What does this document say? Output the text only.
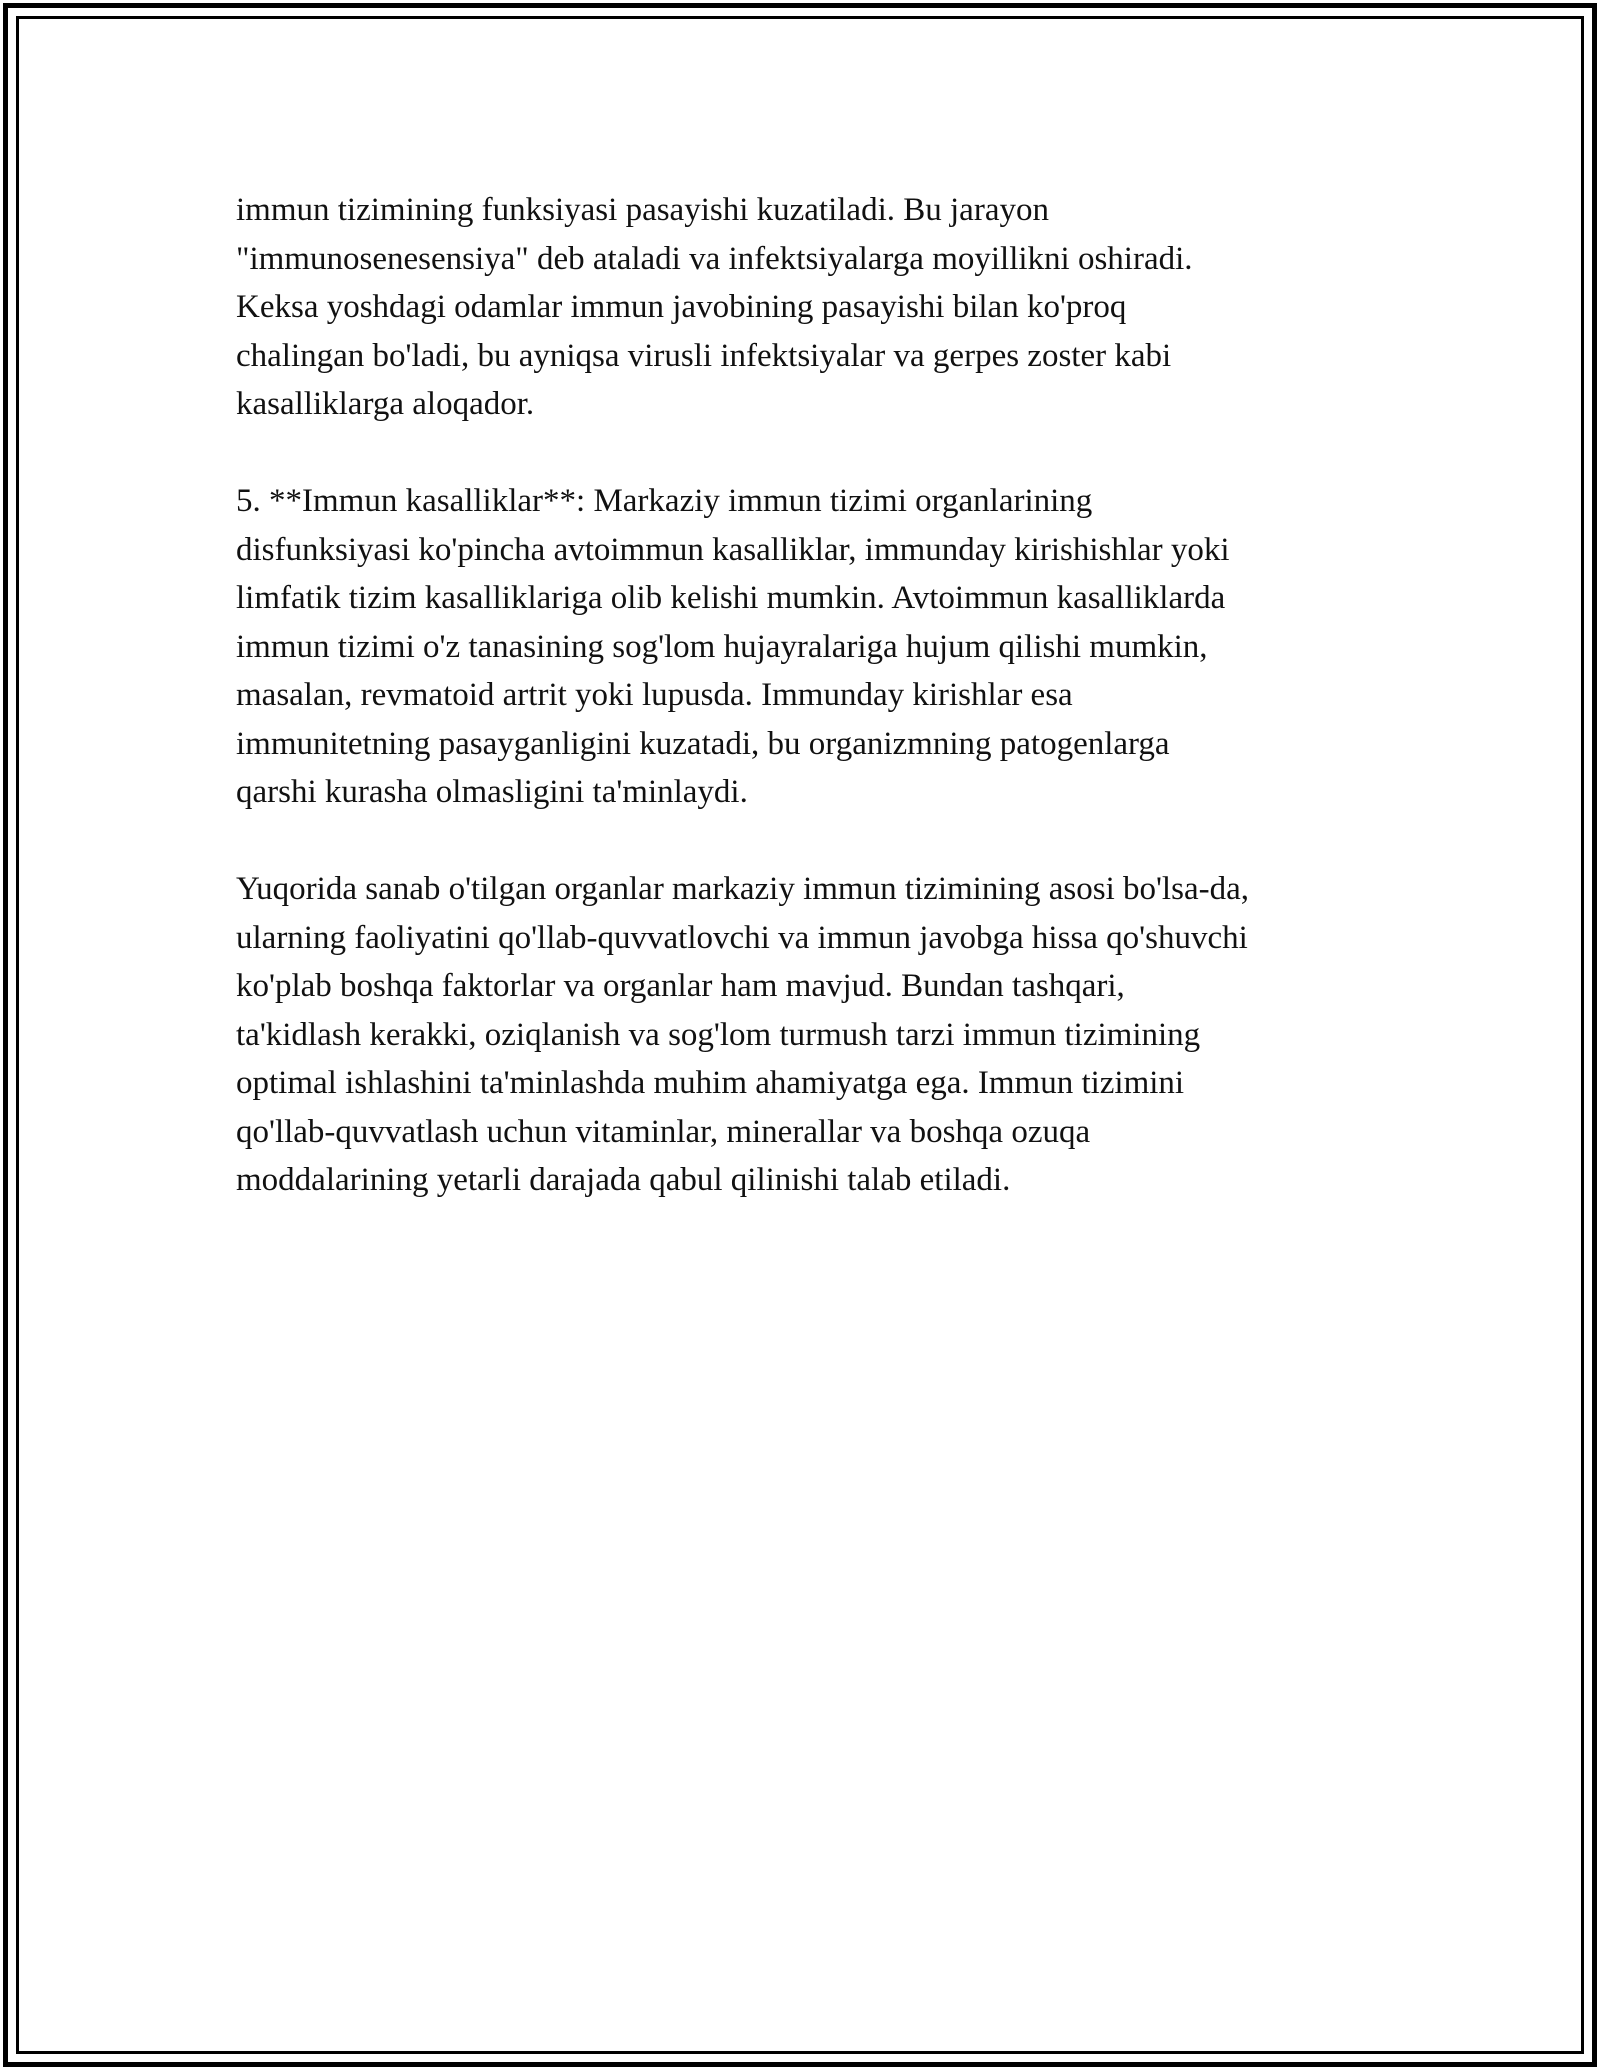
immun tizimining funksiyasi pasayishi kuzatiladi. Bu jarayon
"immunosenesensiya" deb ataladi va infektsiyalarga moyillikni oshiradi.
Keksa yoshdagi odamlar immun javobining pasayishi bilan ko'proq
chalingan bo'ladi, bu ayniqsa virusli infektsiyalar va gerpes zoster kabi
kasalliklarga aloqador.

5. **Immun kasalliklar**: Markaziy immun tizimi organlarining
disfunksiyasi ko'pincha avtoimmun kasalliklar, immunday kirishishlar yoki
limfatik tizim kasalliklariga olib kelishi mumkin. Avtoimmun kasalliklarda
immun tizimi o'z tanasining sog'lom hujayralariga hujum qilishi mumkin,
masalan, revmatoid artrit yoki lupusda. Immunday kirishlar esa
immunitetning pasayganligini kuzatadi, bu organizmning patogenlarga
qarshi kurasha olmasligini ta'minlaydi.

Yuqorida sanab o'tilgan organlar markaziy immun tizimining asosi bo'lsa-da,
ularning faoliyatini qo'llab-quvvatlovchi va immun javobga hissa qo'shuvchi
ko'plab boshqa faktorlar va organlar ham mavjud. Bundan tashqari,
ta'kidlash kerakki, oziqlanish va sog'lom turmush tarzi immun tizimining
optimal ishlashini ta'minlashda muhim ahamiyatga ega. Immun tizimini
qo'llab-quvvatlash uchun vitaminlar, minerallar va boshqa ozuqa
moddalarining yetarli darajada qabul qilinishi talab etiladi.
